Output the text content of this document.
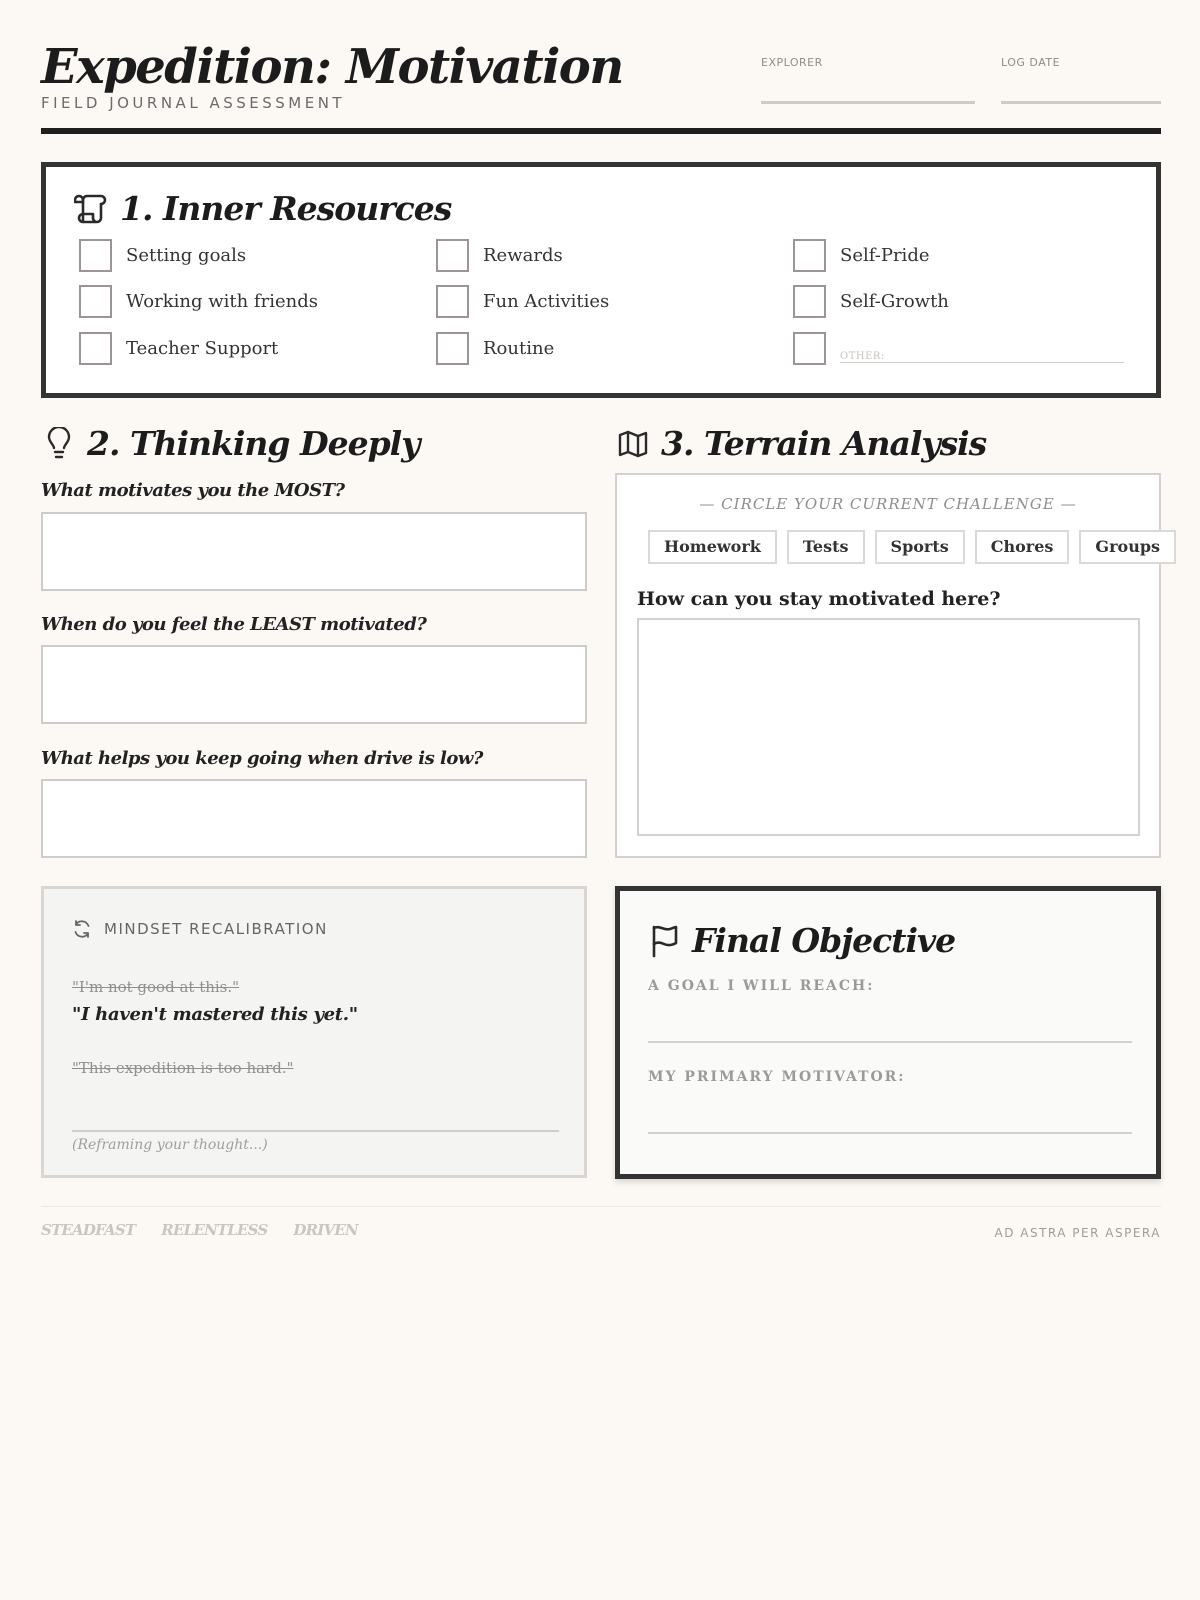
Expedition: Motivation
FIELD JOURNAL ASSESSMENT
EXPLORER	LOG DATE
1. Inner Resources
Setting goals
Working with friends
Teacher Support
Rewards
Fun Activities
Routine
Self-Pride
Self-Growth
OTHER:
2. Thinking Deeply
What motivates you the MOST?
When do you feel the LEAST motivated?
What helps you keep going when drive is low?
3. Terrain Analysis
— CIRCLE YOUR CURRENT CHALLENGE —
Homework	Tests	Sports	Chores	Groups
How can you stay motivated here?
MINDSET RECALIBRATION
"I'm not good at this."
"I haven't mastered this yet."
"This expedition is too hard."
(Reframing your thought...)
Final Objective
A GOAL I WILL REACH:
MY PRIMARY MOTIVATOR:
STEADFAST RELENTLESS DRIVEN	AD ASTRA PER ASPERA
